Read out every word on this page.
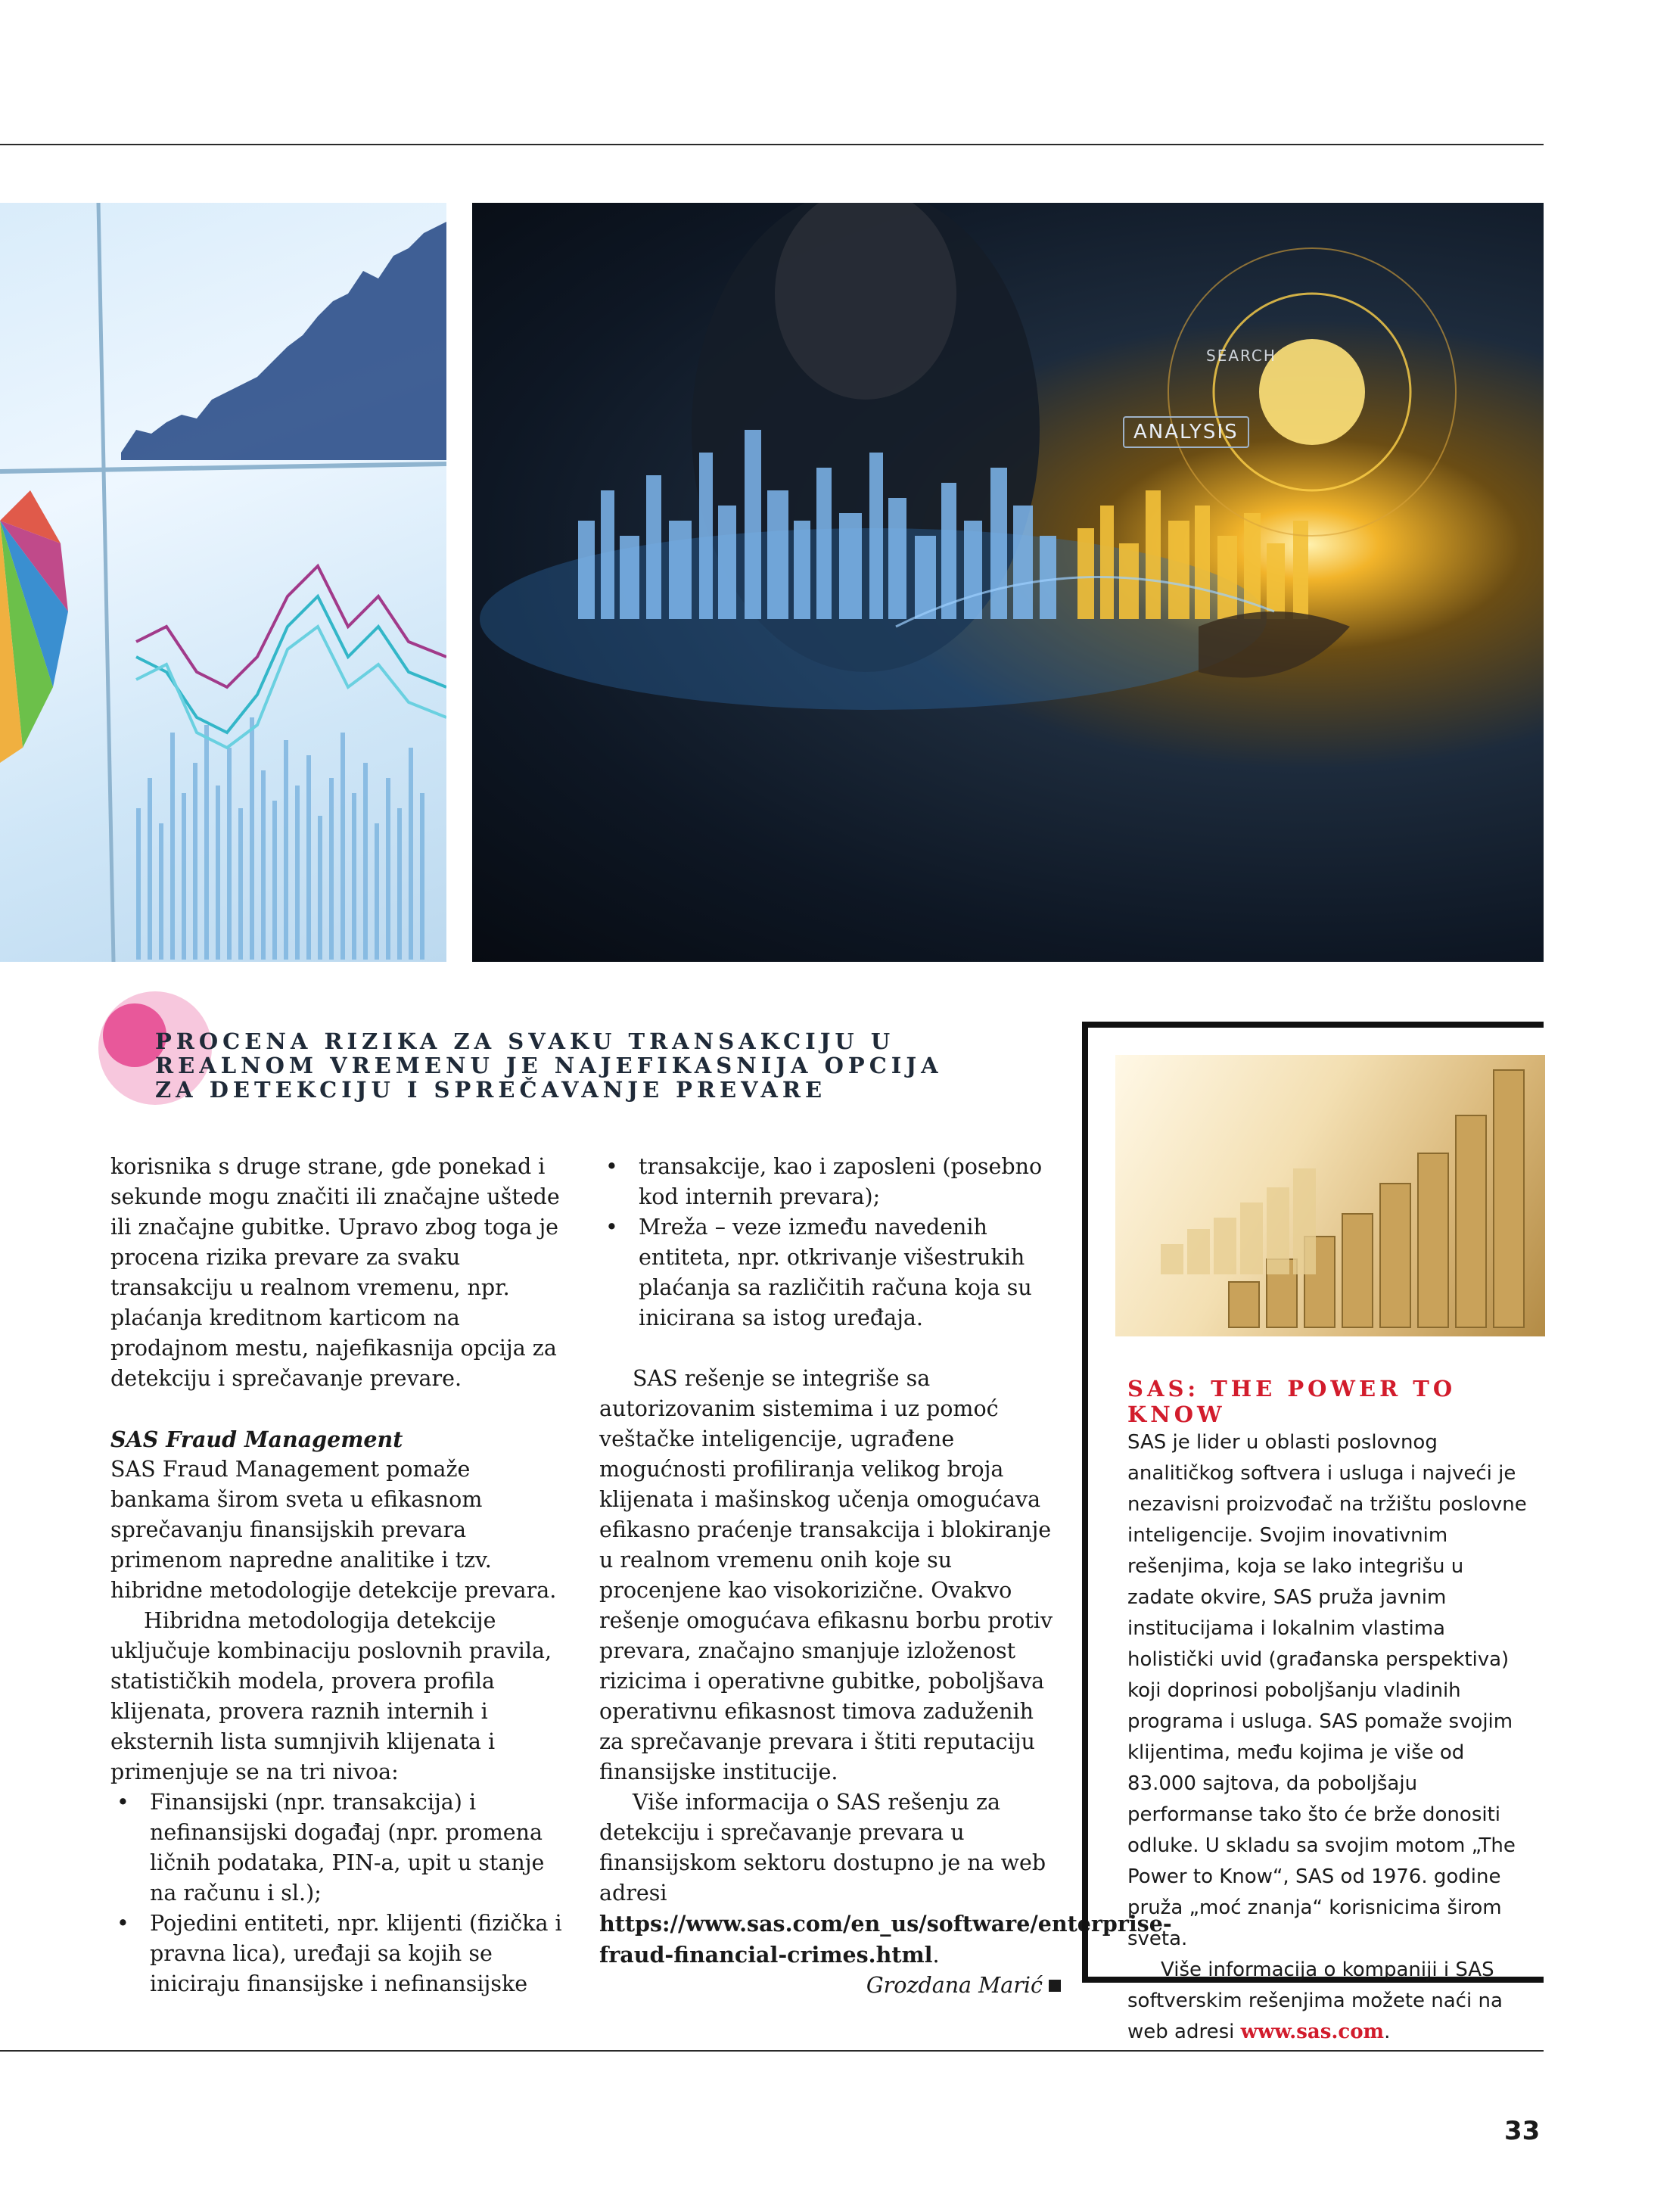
SEARCH
ANALYSIS

PROCENA RIZIKA ZA SVAKU TRANSAKCIJU U REALNOM VREMENU JE NAJEFIKASNIJA OPCIJA ZA DETEKCIJU I SPREČAVANJE PREVARE

korisnika s druge strane, gde ponekad i sekunde mogu značiti ili značajne uštede ili značajne gubitke. Upravo zbog toga je procena rizika prevare za svaku transakciju u realnom vremenu, npr. plaćanja kreditnom karticom na prodajnom mestu, najefikasnija opcija za detekciju i sprečavanje prevare.

SAS Fraud Management

SAS Fraud Management pomaže bankama širom sveta u efikasnom sprečavanju finansijskih prevara primenom napredne analitike i tzv. hibridne metodologije detekcije prevara.

Hibridna metodologija detekcije uključuje kombinaciju poslovnih pravila, statističkih modela, provera profila klijenata, provera raznih internih i eksternih lista sumnjivih klijenata i primenjuje se na tri nivoa:

• Finansijski (npr. transakcija) i nefinansijski događaj (npr. promena ličnih podataka, PIN-a, upit u stanje na računu i sl.);
• Pojedini entiteti, npr. klijenti (fizička i pravna lica), uređaji sa kojih se iniciraju finansijske i nefinansijske
• transakcije, kao i zaposleni (posebno kod internih prevara);
• Mreža – veze između navedenih entiteta, npr. otkrivanje višestrukih plaćanja sa različitih računa koja su inicirana sa istog uređaja.

SAS rešenje se integriše sa autorizovanim sistemima i uz pomoć veštačke inteligencije, ugrađene mogućnosti profiliranja velikog broja klijenata i mašinskog učenja omogućava efikasno praćenje transakcija i blokiranje u realnom vremenu onih koje su procenjene kao visokorizične. Ovakvo rešenje omogućava efikasnu borbu protiv prevara, značajno smanjuje izloženost rizicima i operativne gubitke, poboljšava operativnu efikasnost timova zaduženih za sprečavanje prevara i štiti reputaciju finansijske institucije.

Više informacija o SAS rešenju za detekciju i sprečavanje prevara u finansijskom sektoru dostupno je na web adresi https://www.sas.com/en_us/software/enterprise-fraud-financial-crimes.html.

Grozdana Marić

SAS: THE POWER TO KNOW

SAS je lider u oblasti poslovnog analitičkog softvera i usluga i najveći je nezavisni proizvođač na tržištu poslovne inteligencije. Svojim inovativnim rešenjima, koja se lako integrišu u zadate okvire, SAS pruža javnim institucijama i lokalnim vlastima holistički uvid (građanska perspektiva) koji doprinosi poboljšanju vladinih programa i usluga. SAS pomaže svojim klijentima, među kojima je više od 83.000 sajtova, da poboljšaju performanse tako što će brže donositi odluke. U skladu sa svojim motom „The Power to Know“, SAS od 1976. godine pruža „moć znanja“ korisnicima širom sveta.

Više informacija o kompaniji i SAS softverskim rešenjima možete naći na web adresi www.sas.com.

33
